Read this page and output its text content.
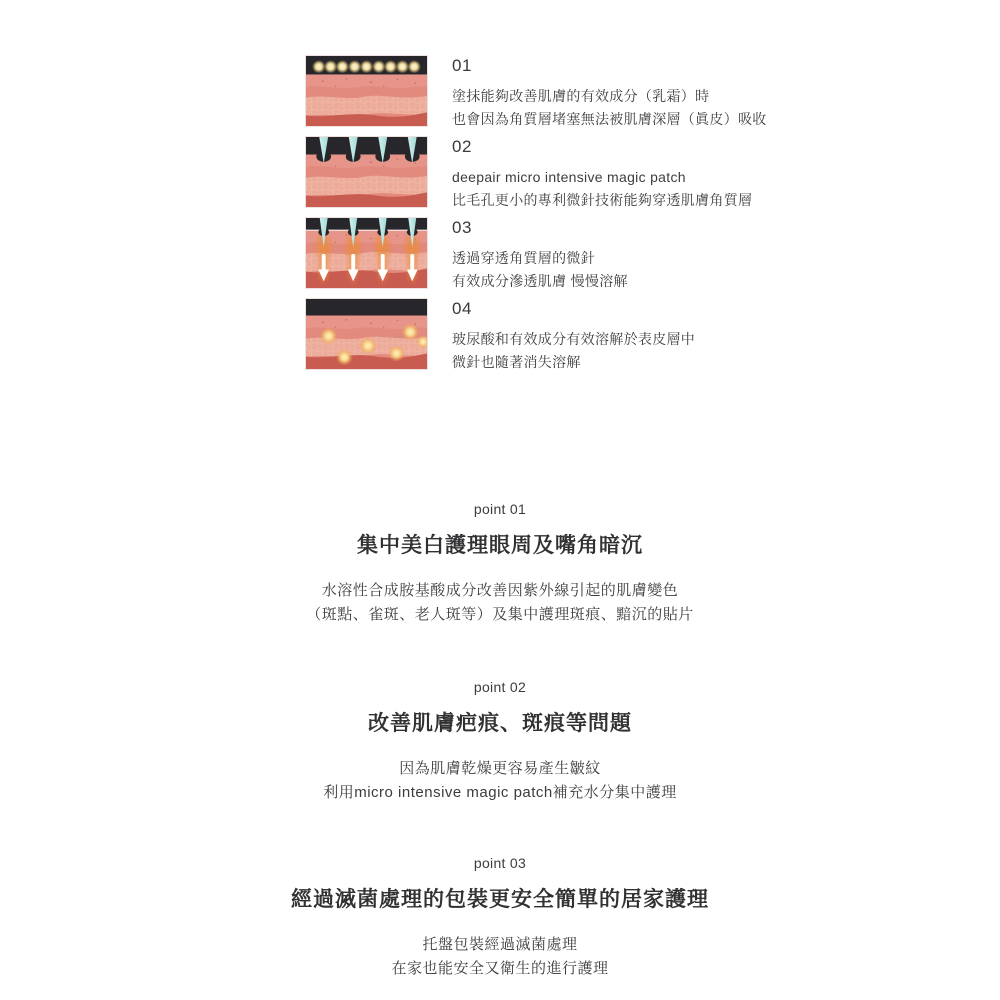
01
塗抹能夠改善肌膚的有效成分（乳霜）時
也會因為角質層堵塞無法被肌膚深層（眞皮）吸收
02
deepair micro intensive magic patch
比毛孔更小的專利微針技術能夠穿透肌膚角質層
03
透過穿透角質層的微針
有效成分滲透肌膚 慢慢溶解
04
玻尿酸和有效成分有效溶解於表皮層中
微針也隨著消失溶解
point 01
集中美白護理眼周及嘴角暗沉
水溶性合成胺基酸成分改善因紫外線引起的肌膚變色
（斑點、雀斑、老人斑等）及集中護理斑痕、黯沉的貼片
point 02
改善肌膚疤痕、斑痕等問題
因為肌膚乾燥更容易產生皺紋
利用micro intensive magic patch補充水分集中護理
point 03
經過滅菌處理的包裝更安全簡單的居家護理
托盤包裝經過滅菌處理
在家也能安全又衛生的進行護理
